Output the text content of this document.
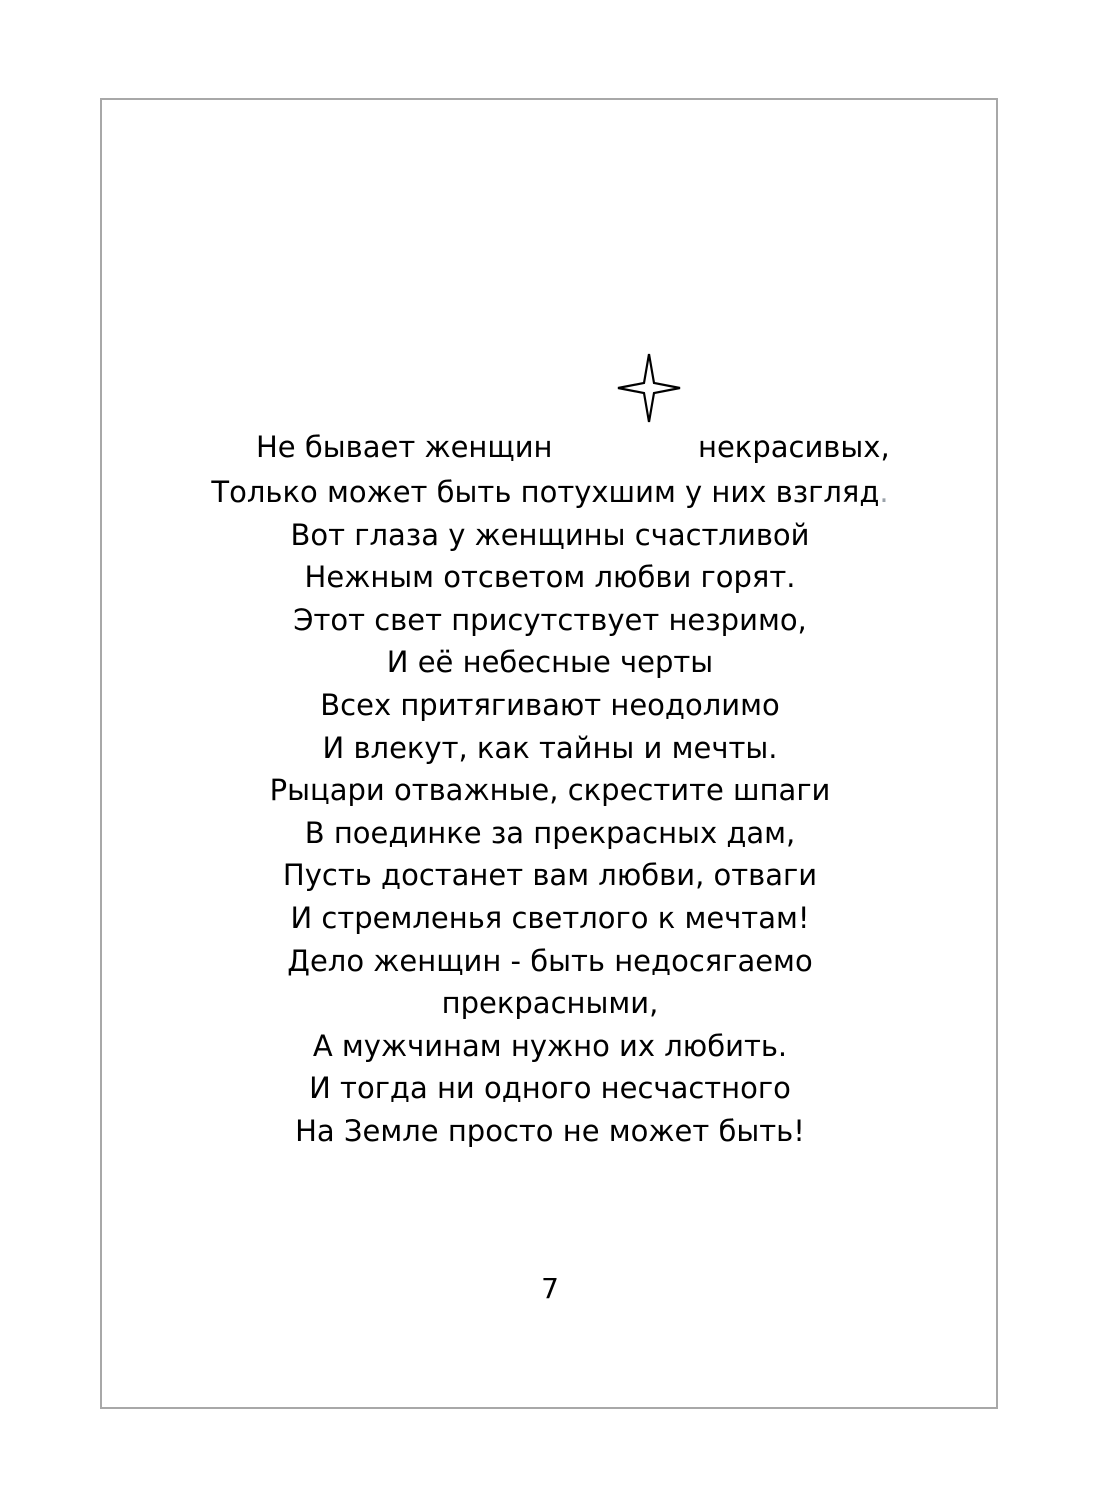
Не бывает женщин	некрасивых,
Только может быть потухшим у них взгляд.
Вот глаза у женщины счастливой
Нежным отсветом любви горят.
Этот свет присутствует незримо,
И её небесные черты
Всех притягивают неодолимо
И влекут, как тайны и мечты.
Рыцари отважные, скрестите шпаги
В поединке за прекрасных дам,
Пусть достанет вам любви, отваги
И стремленья светлого к мечтам!
Дело женщин - быть недосягаемо
прекрасными,
А мужчинам нужно их любить.
И тогда ни одного несчастного
На Земле просто не может быть!
7
